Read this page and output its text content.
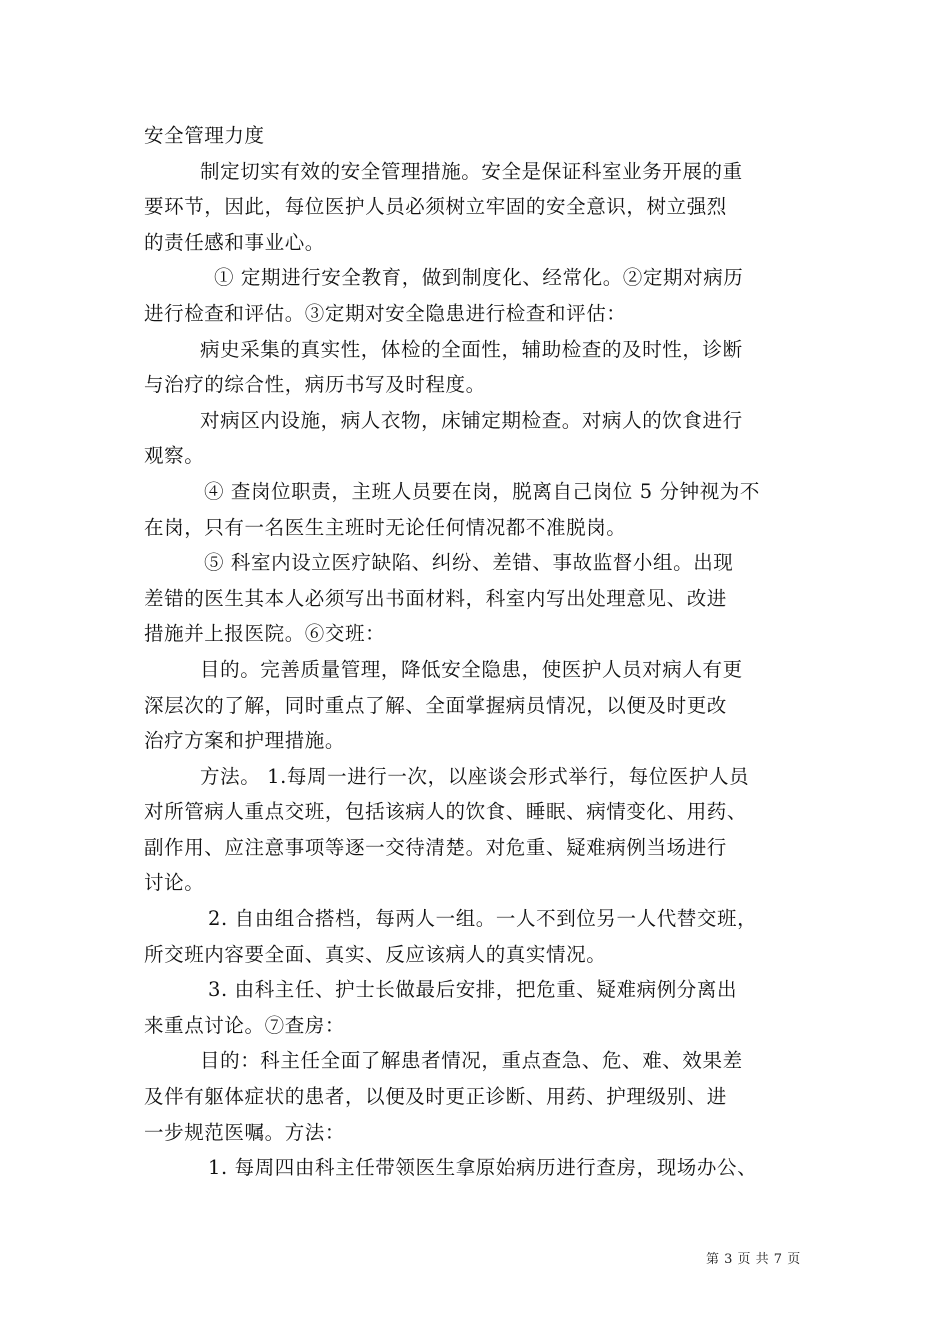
安全管理力度
制定切实有效的安全管理措施。安全是保证科室业务开展的重
要环节，因此，每位医护人员必须树立牢固的安全意识，树立强烈
的责任感和事业心。
① 定期进行安全教育，做到制度化、经常化。②定期对病历
进行检查和评估。③定期对安全隐患进行检查和评估：
病史采集的真实性，体检的全面性，辅助检查的及时性，诊断
与治疗的综合性，病历书写及时程度。
对病区内设施，病人衣物，床铺定期检查。对病人的饮食进行
观察。
④ 查岗位职责，主班人员要在岗，脱离自己岗位 5 分钟视为不
在岗，只有一名医生主班时无论任何情况都不准脱岗。
⑤ 科室内设立医疗缺陷、纠纷、差错、事故监督小组。出现
差错的医生其本人必须写出书面材料，科室内写出处理意见、改进
措施并上报医院。⑥交班：
目的。完善质量管理，降低安全隐患，使医护人员对病人有更
深层次的了解，同时重点了解、全面掌握病员情况，以便及时更改
治疗方案和护理措施。
方法。 1.每周一进行一次，以座谈会形式举行，每位医护人员
对所管病人重点交班，包括该病人的饮食、睡眠、病情变化、用药、
副作用、应注意事项等逐一交待清楚。对危重、疑难病例当场进行
讨论。
2. 自由组合搭档，每两人一组。一人不到位另一人代替交班，
所交班内容要全面、真实、反应该病人的真实情况。
3. 由科主任、护士长做最后安排，把危重、疑难病例分离出
来重点讨论。⑦查房：
目的：科主任全面了解患者情况，重点查急、危、难、效果差
及伴有躯体症状的患者，以便及时更正诊断、用药、护理级别、进
一步规范医嘱。方法：
1. 每周四由科主任带领医生拿原始病历进行查房，现场办公、
第 3 页 共 7 页
